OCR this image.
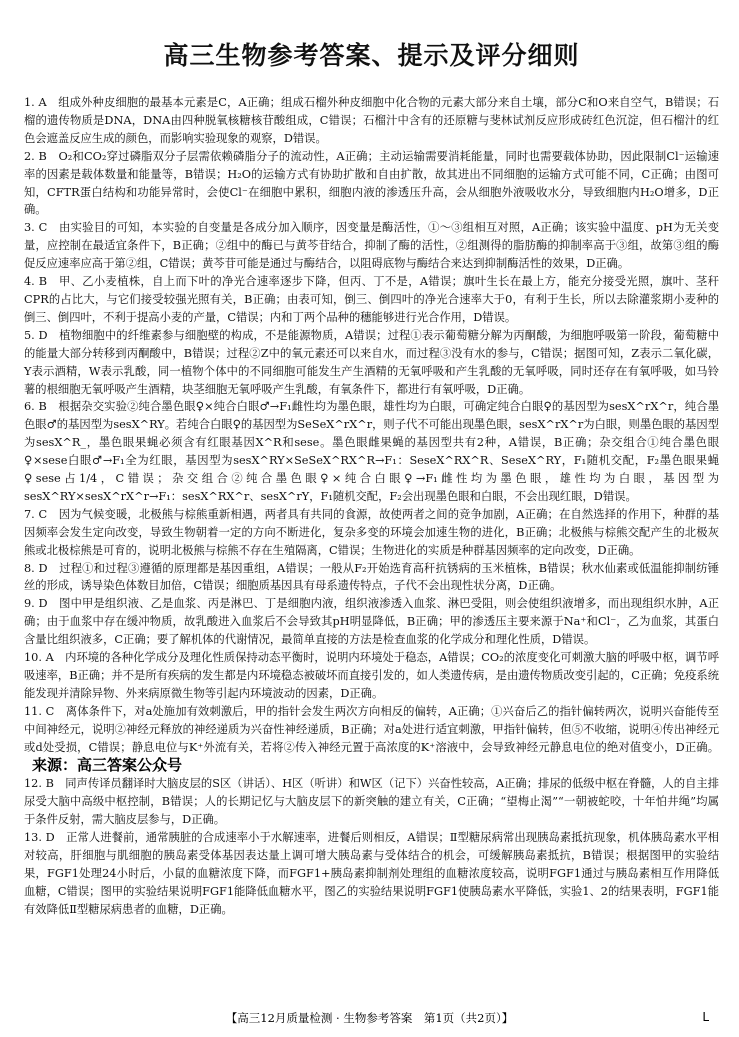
高三生物参考答案、提示及评分细则

1. A　组成外种皮细胞的最基本元素是C，A正确；组成石榴外种皮细胞中化合物的元素大部分来自土壤，部分C和O来自空气，B错误；石榴的遗传物质是DNA，DNA由四种脱氧核糖核苷酸组成，C错误；石榴汁中含有的还原糖与斐林试剂反应形成砖红色沉淀，但石榴汁的红色会遮盖反应生成的颜色，而影响实验现象的观察，D错误。

2. B　O₂和CO₂穿过磷脂双分子层需依赖磷脂分子的流动性，A正确；主动运输需要消耗能量，同时也需要载体协助，因此限制Cl⁻运输速率的因素是载体数量和能量等，B错误；H₂O的运输方式有协助扩散和自由扩散，故其进出不同细胞的运输方式可能不同，C正确；由图可知，CFTR蛋白结构和功能异常时，会使Cl⁻在细胞中累积，细胞内液的渗透压升高，会从细胞外液吸收水分，导致细胞内H₂O增多，D正确。

3. C　由实验目的可知，本实验的自变量是各成分加入顺序，因变量是酶活性，①～③组相互对照，A正确；该实验中温度、pH为无关变量，应控制在最适宜条件下，B正确；②组中的酶已与黄芩苷结合，抑制了酶的活性，②组测得的脂肪酶的抑制率高于③组，故第③组的酶促反应速率应高于第②组，C错误；黄芩苷可能是通过与酶结合，以阻碍底物与酶结合来达到抑制酶活性的效果，D正确。

4. B　甲、乙小麦植株，自上而下叶的净光合速率逐步下降，但丙、丁不是，A错误；旗叶生长在最上方，能充分接受光照，旗叶、茎秆CPR的占比大，与它们接受较强光照有关，B正确；由表可知，倒三、倒四叶的净光合速率大于0，有利于生长，所以去除灌浆期小麦种的倒三、倒四叶，不利于提高小麦的产量，C错误；内和丁两个品种的穗能够进行光合作用，D错误。

5. D　植物细胞中的纤维素参与细胞壁的构成，不是能源物质，A错误；过程①表示葡萄糖分解为丙酮酸，为细胞呼吸第一阶段，葡萄糖中的能量大部分转移到丙酮酸中，B错误；过程②Z中的氧元素还可以来自水，而过程③没有水的参与，C错误；据图可知，Z表示二氧化碳，Y表示酒精，W表示乳酸，同一植物个体中的不同细胞可能发生产生酒精的无氧呼吸和产生乳酸的无氧呼吸，同时还存在有氧呼吸，如马铃薯的根细胞无氧呼吸产生酒精，块茎细胞无氧呼吸产生乳酸，有氧条件下，都进行有氧呼吸，D正确。

6. B　根据杂交实验②纯合墨色眼♀×纯合白眼♂→F₁雌性均为墨色眼，雄性均为白眼，可确定纯合白眼♀的基因型为sesX^rX^r，纯合墨色眼♂的基因型为sesX^RY。若纯合白眼♀的基因型为SeSeX^rX^r，则子代不可能出现墨色眼，sesX^rX^r为白眼，则墨色眼的基因型为sesX^R_，墨色眼果蝇必须含有红眼基因X^R和sese。墨色眼雌果蝇的基因型共有2种，A错误，B正确；杂交组合①纯合墨色眼♀×sese白眼♂→F₁全为红眼，基因型为sesX^RY×SeSeX^RX^R→F₁：SeseX^RX^R、SeseX^RY，F₁随机交配，F₂墨色眼果蝇♀sese占1/4，C错误；杂交组合②纯合墨色眼♀×纯合白眼♀→F₁雌性均为墨色眼，雄性均为白眼，基因型为sesX^RY×sesX^rX^r→F₁：sesX^RX^r、sesX^rY，F₁随机交配，F₂会出现墨色眼和白眼，不会出现红眼，D错误。

7. C　因为气候变暖，北极熊与棕熊重新相遇，两者具有共同的食源，故使两者之间的竞争加剧，A正确；在自然选择的作用下，种群的基因频率会发生定向改变，导致生物朝着一定的方向不断进化，复杂多变的环境会加速生物的进化，B正确；北极熊与棕熊交配产生的北极灰熊或北极棕熊是可育的，说明北极熊与棕熊不存在生殖隔离，C错误；生物进化的实质是种群基因频率的定向改变，D正确。

8. D　过程①和过程③遵循的原理都是基因重组，A错误；一般从F₂开始选育高秆抗锈病的玉米植株，B错误；秋水仙素或低温能抑制纺锤丝的形成，诱导染色体数目加倍，C错误；细胞质基因具有母系遗传特点，子代不会出现性状分离，D正确。

9. D　图中甲是组织液、乙是血浆、丙是淋巴、丁是细胞内液，组织液渗透入血浆、淋巴受阻，则会使组织液增多，而出现组织水肿，A正确；由于血浆中存在缓冲物质，故乳酸进入血浆后不会导致其pH明显降低，B正确；甲的渗透压主要来源于Na⁺和Cl⁻，乙为血浆，其蛋白含量比组织液多，C正确；要了解机体的代谢情况，最简单直接的方法是检查血浆的化学成分和理化性质，D错误。

10. A　内环境的各种化学成分及理化性质保持动态平衡时，说明内环境处于稳态，A错误；CO₂的浓度变化可刺激大脑的呼吸中枢，调节呼吸速率，B正确；并不是所有疾病的发生都是内环境稳态被破坏而直接引发的，如人类遗传病，是由遗传物质改变引起的，C正确；免疫系统能发现并清除异物、外来病原微生物等引起内环境波动的因素，D正确。

11. C　离体条件下，对a处施加有效刺激后，甲的指针会发生两次方向相反的偏转，A正确；①兴奋后乙的指针偏转两次，说明兴奋能传至中间神经元，说明②神经元释放的神经递质为兴奋性神经递质，B正确；对a处进行适宜刺激，甲指针偏转，但⑤不收缩，说明④传出神经元或d处受损，C错误；静息电位与K⁺外流有关，若将②传入神经元置于高浓度的K⁺溶液中，会导致神经元静息电位的绝对值变小，D正确。来源：高三答案公众号

12. B　同声传译员翻译时大脑皮层的S区（讲话）、H区（听讲）和W区（记下）兴奋性较高，A正确；排尿的低级中枢在脊髓，人的自主排尿受大脑中高级中枢控制，B错误；人的长期记忆与大脑皮层下的新突触的建立有关，C正确；“望梅止渴”“一朝被蛇咬，十年怕井绳”均属于条件反射，需大脑皮层参与，D正确。

13. D　正常人进餐前，通常胰脏的合成速率小于水解速率，进餐后则相反，A错误；Ⅱ型糖尿病常出现胰岛素抵抗现象，机体胰岛素水平相对较高，肝细胞与肌细胞的胰岛素受体基因表达量上调可增大胰岛素与受体结合的机会，可缓解胰岛素抵抗，B错误；根据图甲的实验结果，FGF1处理24小时后，小鼠的血糖浓度下降，而FGF1+胰岛素抑制剂处理组的血糖浓度较高，说明FGF1通过与胰岛素相互作用降低血糖，C错误；图甲的实验结果说明FGF1能降低血糖水平，图乙的实验结果说明FGF1使胰岛素水平降低，实验1、2的结果表明，FGF1能有效降低Ⅱ型糖尿病患者的血糖，D正确。

【高三12月质量检测 · 生物参考答案　第1页（共2页）】	L
